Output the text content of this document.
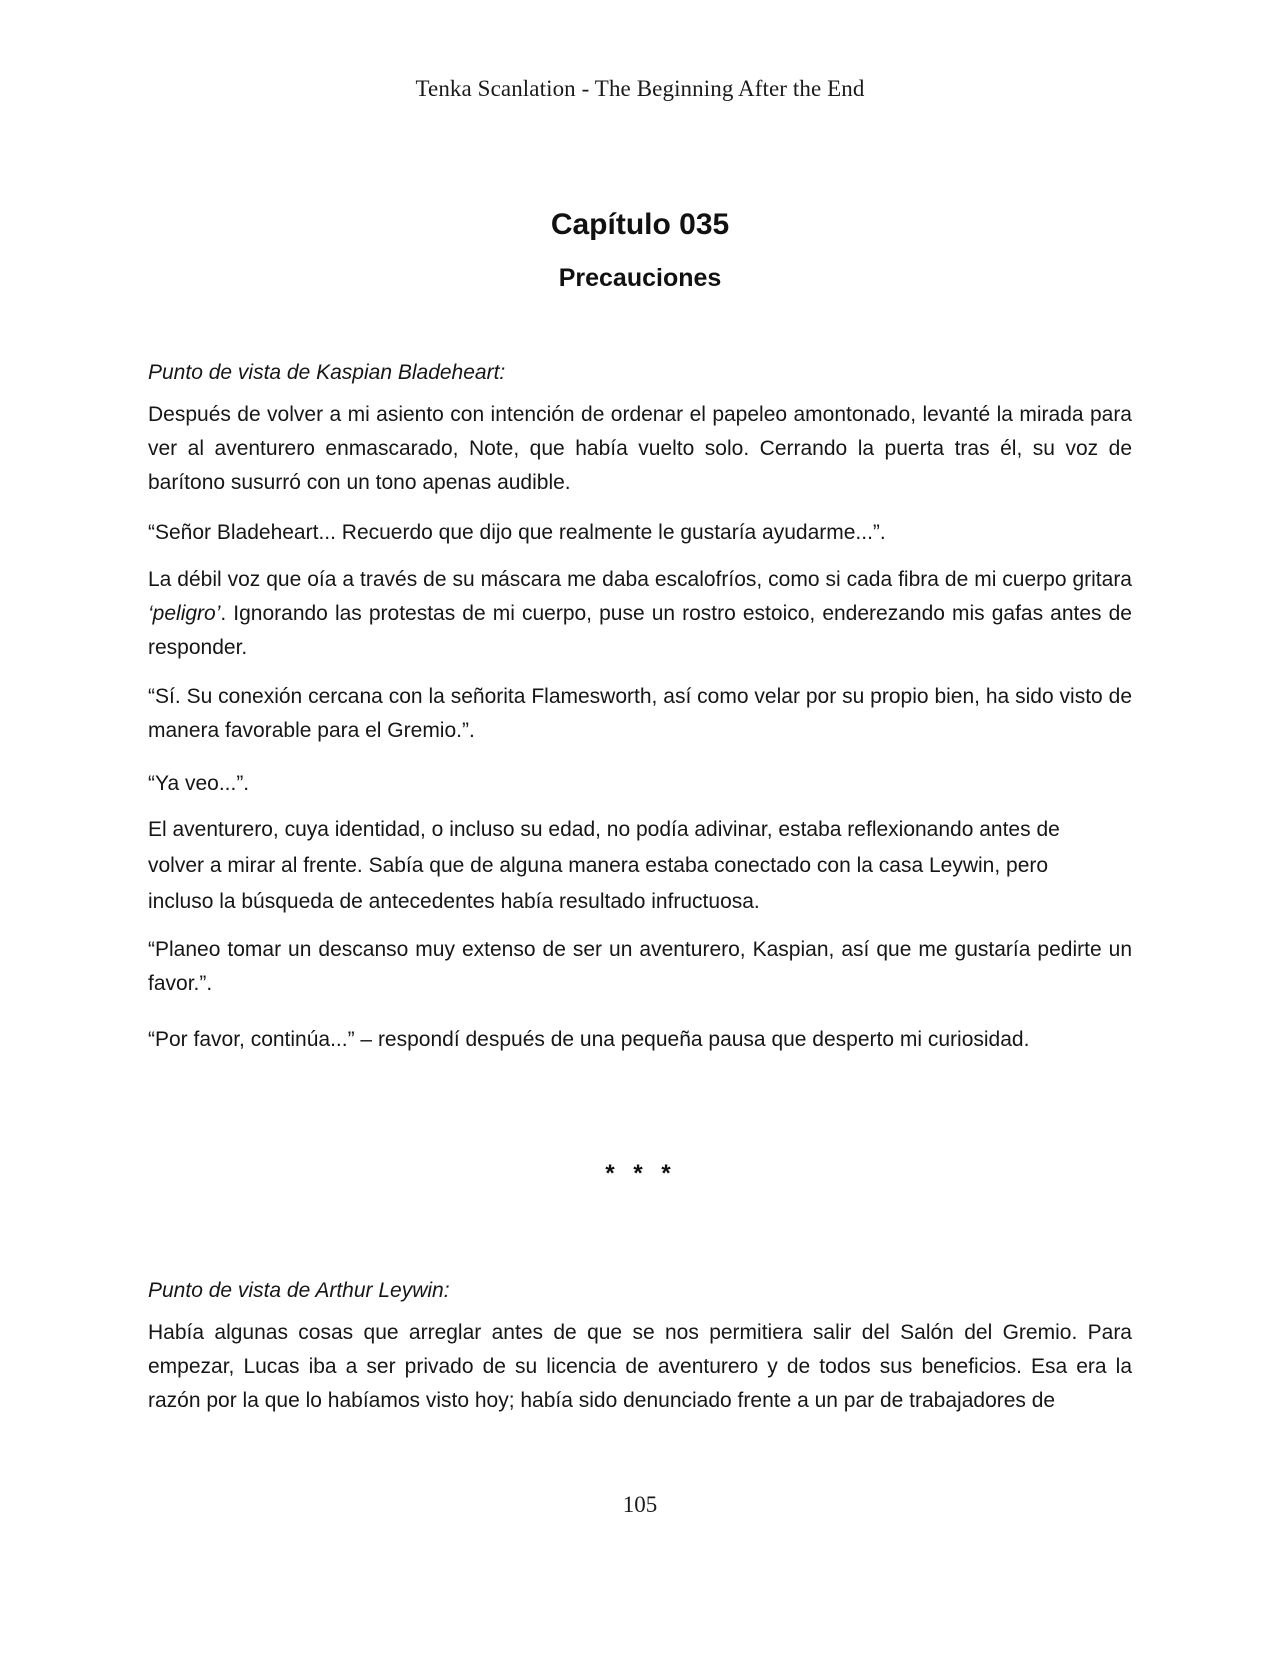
Tenka Scanlation - The Beginning After the End
Capítulo 035
Precauciones
Punto de vista de Kaspian Bladeheart:
Después de volver a mi asiento con intención de ordenar el papeleo amontonado, levanté la mirada para ver al aventurero enmascarado, Note, que había vuelto solo. Cerrando la puerta tras él, su voz de barítono susurró con un tono apenas audible.
“Señor Bladeheart... Recuerdo que dijo que realmente le gustaría ayudarme...”.
La débil voz que oía a través de su máscara me daba escalofríos, como si cada fibra de mi cuerpo gritara ‘peligro’. Ignorando las protestas de mi cuerpo, puse un rostro estoico, enderezando mis gafas antes de responder.
“Sí. Su conexión cercana con la señorita Flamesworth, así como velar por su propio bien, ha sido visto de manera favorable para el Gremio.”.
“Ya veo...”.
El aventurero, cuya identidad, o incluso su edad, no podía adivinar, estaba reflexionando antes de volver a mirar al frente. Sabía que de alguna manera estaba conectado con la casa Leywin, pero incluso la búsqueda de antecedentes había resultado infructuosa.
“Planeo tomar un descanso muy extenso de ser un aventurero, Kaspian, así que me gustaría pedirte un favor.”.
“Por favor, continúa...” – respondí después de una pequeña pausa que desperto mi curiosidad.
* * *
Punto de vista de Arthur Leywin:
Había algunas cosas que arreglar antes de que se nos permitiera salir del Salón del Gremio. Para empezar, Lucas iba a ser privado de su licencia de aventurero y de todos sus beneficios. Esa era la razón por la que lo habíamos visto hoy; había sido denunciado frente a un par de trabajadores de
105
